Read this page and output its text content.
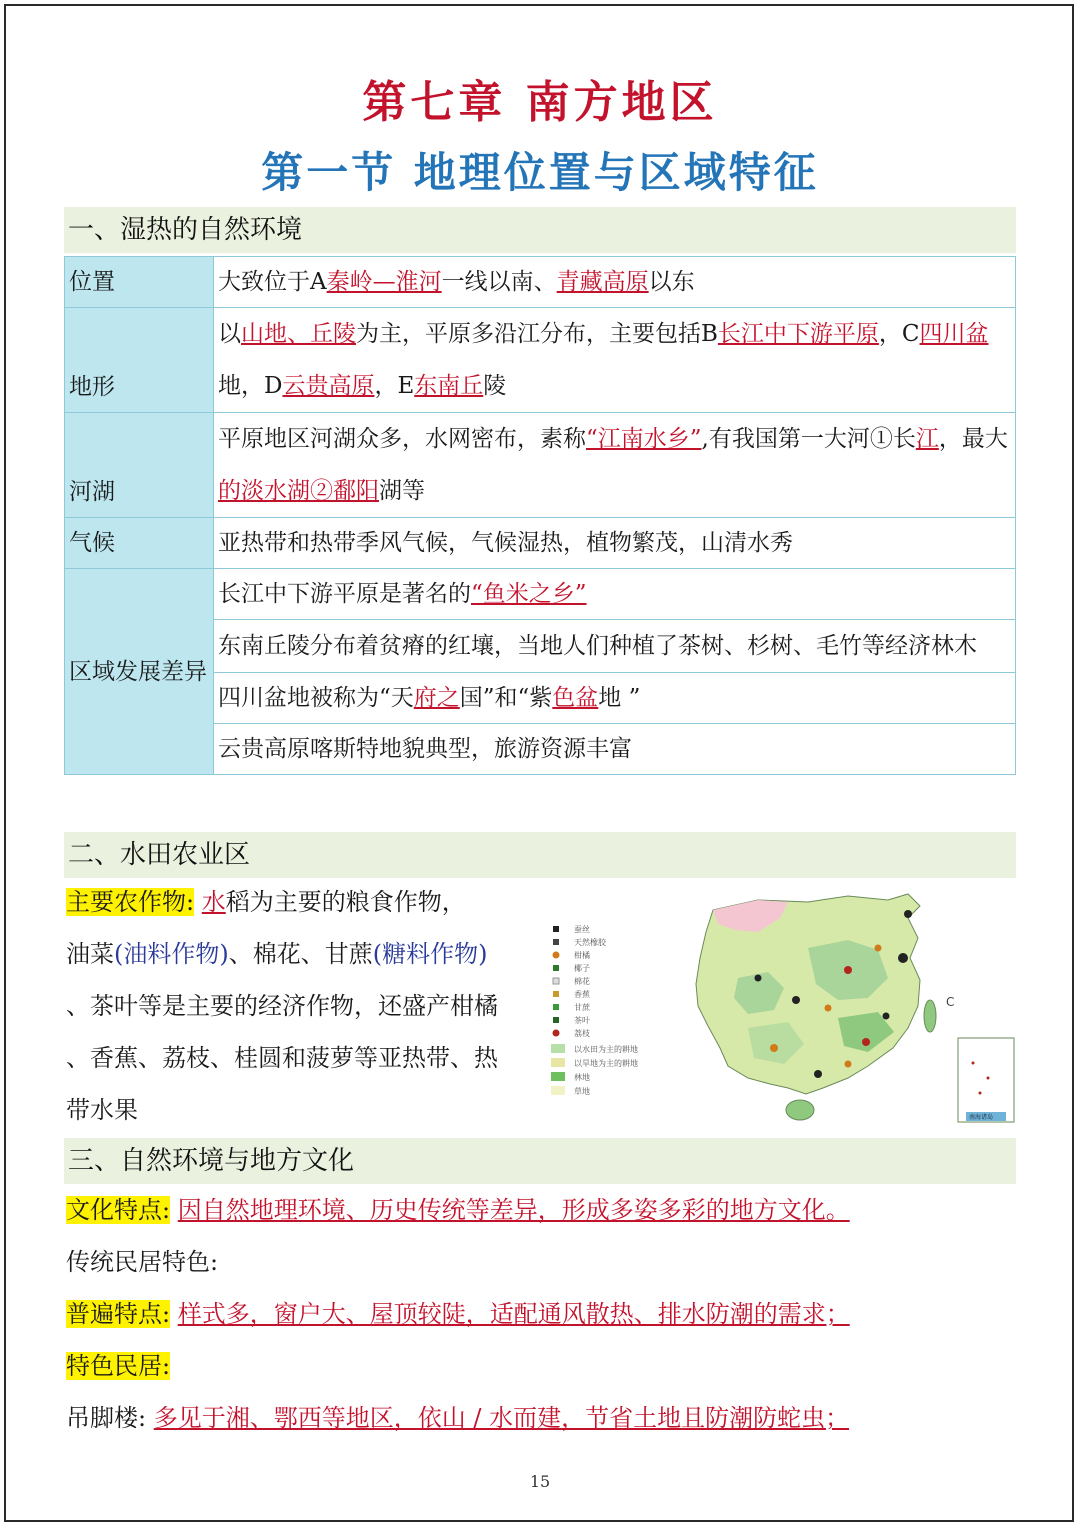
第七章 南方地区
第一节 地理位置与区域特征
一、湿热的自然环境
位置	大致位于A秦岭—淮河一线以南、青藏高原以东
地形	以山地、丘陵为主，平原多沿江分布，主要包括B长江中下游平原，C四川盆 地，D云贵高原，E东南丘陵
河湖	平原地区河湖众多，水网密布，素称“江南水乡”,有我国第一大河①长江，最大 的淡水湖②鄱阳湖等
气候	亚热带和热带季风气候，气候湿热，植物繁茂，山清水秀
区域发展差异	长江中下游平原是著名的“鱼米之乡”
	东南丘陵分布着贫瘠的红壤，当地人们种植了茶树、杉树、毛竹等经济林木
	四川盆地被称为“天府之国”和“紫色盆地 ”
	云贵高原喀斯特地貌典型，旅游资源丰富
二、水田农业区
主要农作物: 水稻为主要的粮食作物，
油菜(油料作物)、棉花、甘蔗(糖料作物)
、茶叶等是主要的经济作物，还盛产柑橘
、香蕉、荔枝、桂圆和菠萝等亚热带、热
带水果
蚕丝
天然橡胶
柑橘
椰子
棉花
香蕉
甘蔗
茶叶
荔枝
以水田为主的耕地
以旱地为主的耕地
林地
草地
C
南海诸岛
三、自然环境与地方文化
文化特点: 因自然地理环境、历史传统等差异，形成多姿多彩的地方文化。
传统民居特色:
普遍特点: 样式多，窗户大、屋顶较陡，适配通风散热、排水防潮的需求；
特色民居:
吊脚楼: 多见于湘、鄂西等地区，依山 / 水而建，节省土地且防潮防蛇虫；
15
